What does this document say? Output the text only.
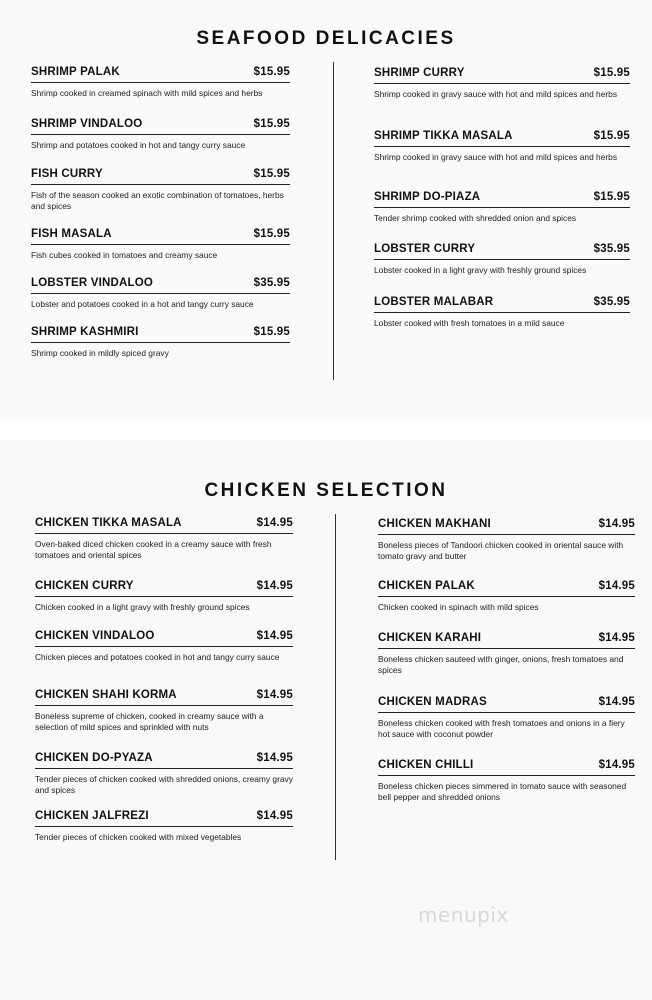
SEAFOOD DELICACIES
SHRIMP PALAK	$15.95
Shrimp cooked in creamed spinach with mild spices and herbs
SHRIMP VINDALOO	$15.95
Shrimp and potatoes cooked in hot and tangy curry sauce
FISH CURRY	$15.95
Fish of the season cooked an exotic combination of tomatoes, herbs and spices
FISH MASALA	$15.95
Fish cubes cooked in tomatoes and creamy sauce
LOBSTER VINDALOO	$35.95
Lobster and potatoes cooked in a hot and tangy curry sauce
SHRIMP KASHMIRI	$15.95
Shrimp cooked in mildly spiced gravy
SHRIMP CURRY	$15.95
Shrimp cooked in gravy sauce with hot and mild spices and herbs
SHRIMP TIKKA MASALA	$15.95
Shrimp cooked in gravy sauce with hot and mild spices and herbs
SHRIMP DO-PIAZA	$15.95
Tender shrimp cooked with shredded onion and spices
LOBSTER CURRY	$35.95
Lobster cooked in a light gravy with freshly ground spices
LOBSTER MALABAR	$35.95
Lobster cooked with fresh tomatoes in a mild sauce
CHICKEN SELECTION
CHICKEN TIKKA MASALA	$14.95
Oven-baked diced chicken cooked in a creamy sauce with fresh tomatoes and oriental spices
CHICKEN CURRY	$14.95
Chicken cooked in a light gravy with freshly ground spices
CHICKEN VINDALOO	$14.95
Chicken pieces and potatoes cooked in hot and tangy curry sauce
CHICKEN SHAHI KORMA	$14.95
Boneless supreme of chicken, cooked in creamy sauce with a selection of mild spices and sprinkled with nuts
CHICKEN DO-PYAZA	$14.95
Tender pieces of chicken cooked with shredded onions, creamy gravy and spices
CHICKEN JALFREZI	$14.95
Tender pieces of chicken cooked with mixed vegetables
CHICKEN MAKHANI	$14.95
Boneless pieces of Tandoori chicken cooked in oriental sauce with tomato gravy and butter
CHICKEN PALAK	$14.95
Chicken cooked in spinach with mild spices
CHICKEN KARAHI	$14.95
Boneless chicken sauteed with ginger, onions, fresh tomatoes and spices
CHICKEN MADRAS	$14.95
Boneless chicken cooked with fresh tomatoes and onions in a fiery hot sauce with coconut powder
CHICKEN CHILLI	$14.95
Boneless chicken pieces simmered in tomato sauce with seasoned bell pepper and shredded onions
menupix
